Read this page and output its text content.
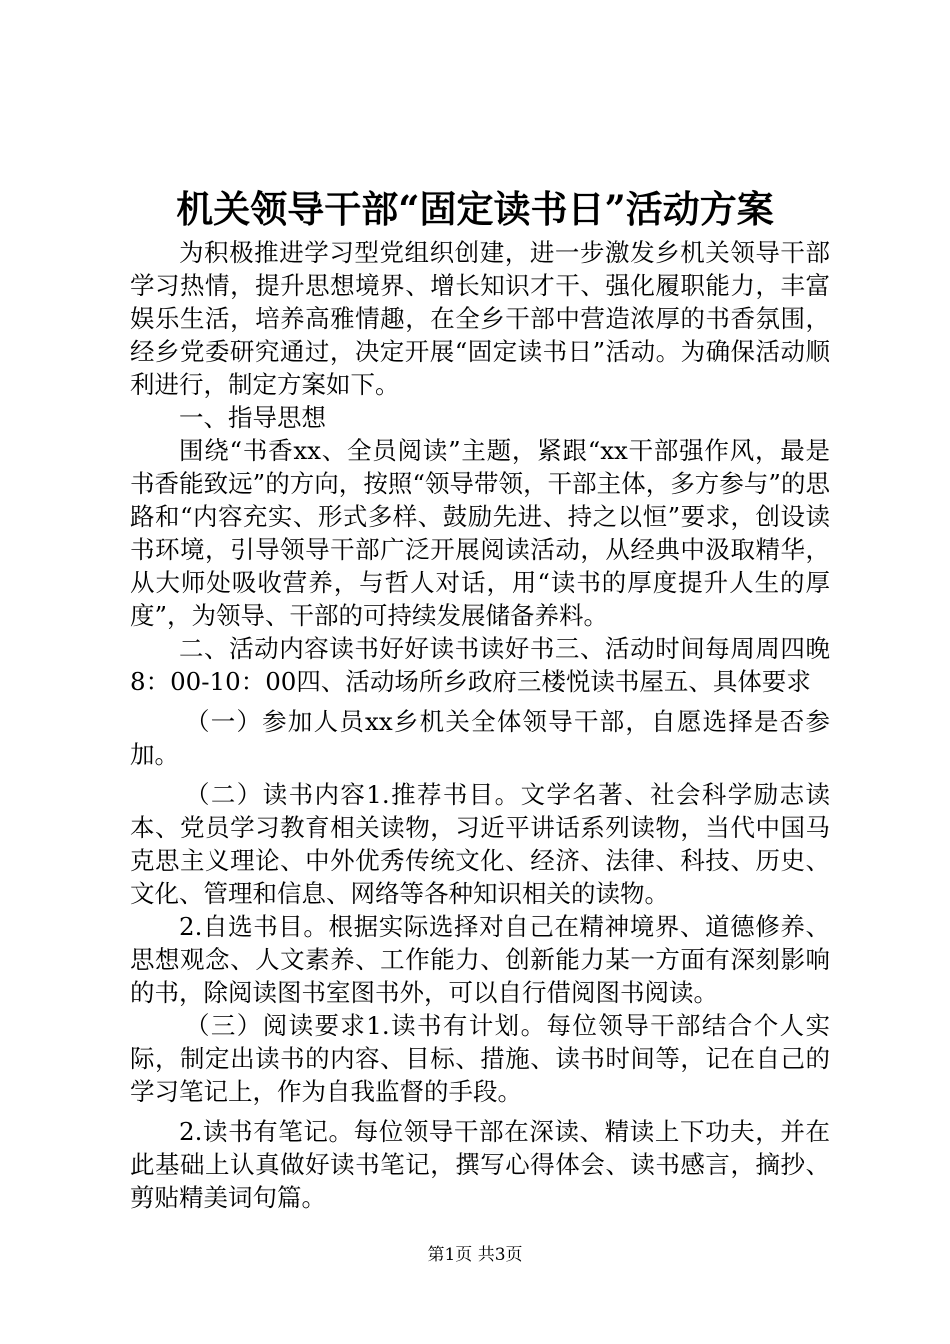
机关领导干部“固定读书日”活动方案

为积极推进学习型党组织创建，进一步激发乡机关领导干部学习热情，提升思想境界、增长知识才干、强化履职能力，丰富娱乐生活，培养高雅情趣，在全乡干部中营造浓厚的书香氛围，经乡党委研究通过，决定开展“固定读书日”活动。为确保活动顺利进行，制定方案如下。

一、指导思想

围绕“书香xx、全员阅读”主题，紧跟“xx干部强作风，最是书香能致远”的方向，按照“领导带领，干部主体，多方参与”的思路和“内容充实、形式多样、鼓励先进、持之以恒”要求，创设读书环境，引导领导干部广泛开展阅读活动，从经典中汲取精华，从大师处吸收营养，与哲人对话，用“读书的厚度提升人生的厚度”，为领导、干部的可持续发展储备养料。

二、活动内容读书好好读书读好书三、活动时间每周周四晚8：00-10：00四、活动场所乡政府三楼悦读书屋五、具体要求

（一）参加人员xx乡机关全体领导干部，自愿选择是否参加。

（二）读书内容1.推荐书目。文学名著、社会科学励志读本、党员学习教育相关读物，习近平讲话系列读物，当代中国马克思主义理论、中外优秀传统文化、经济、法律、科技、历史、文化、管理和信息、网络等各种知识相关的读物。

2.自选书目。根据实际选择对自己在精神境界、道德修养、思想观念、人文素养、工作能力、创新能力某一方面有深刻影响的书，除阅读图书室图书外，可以自行借阅图书阅读。

（三）阅读要求1.读书有计划。每位领导干部结合个人实际，制定出读书的内容、目标、措施、读书时间等，记在自己的学习笔记上，作为自我监督的手段。

2.读书有笔记。每位领导干部在深读、精读上下功夫，并在此基础上认真做好读书笔记，撰写心得体会、读书感言，摘抄、剪贴精美词句篇。

第1页 共3页
